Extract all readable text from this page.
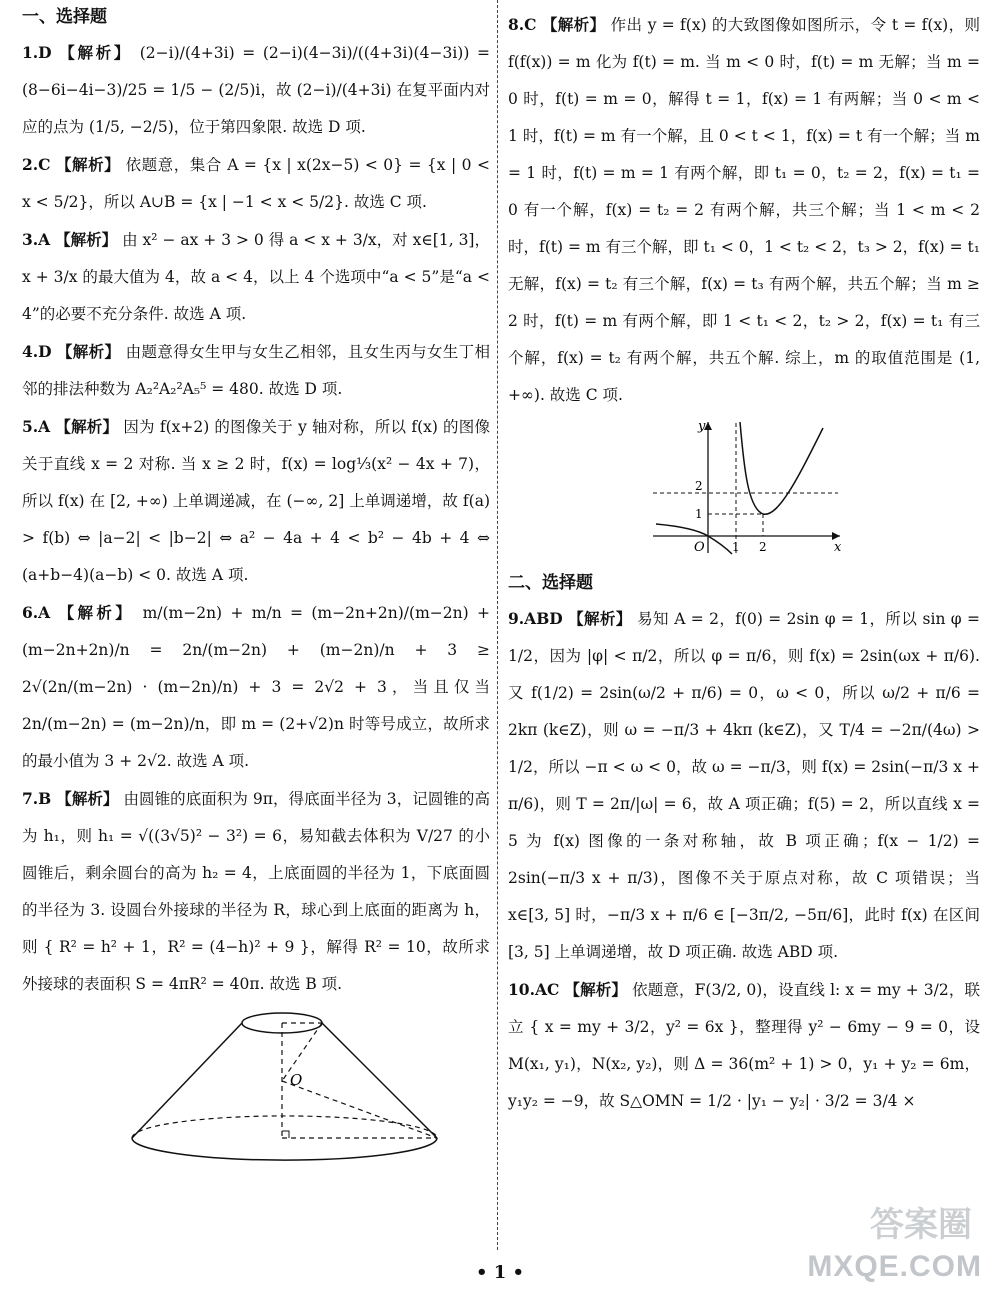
一、选择题

1.D 【解析】 (2−i)/(4+3i) = (2−i)(4−3i)/((4+3i)(4−3i)) = (8−6i−4i−3)/25 = 1/5 − (2/5)i，故 (2−i)/(4+3i) 在复平面内对应的点为 (1/5, −2/5)，位于第四象限. 故选 D 项.

2.C 【解析】 依题意，集合 A = {x | x(2x−5) < 0} = {x | 0 < x < 5/2}，所以 A∪B = {x | −1 < x < 5/2}. 故选 C 项.

3.A 【解析】 由 x² − ax + 3 > 0 得 a < x + 3/x，对 x∈[1, 3]，x + 3/x 的最大值为 4，故 a < 4，以上 4 个选项中“a < 5”是“a < 4”的必要不充分条件. 故选 A 项.

4.D 【解析】 由题意得女生甲与女生乙相邻，且女生丙与女生丁相邻的排法种数为 A₂²A₂²A₅⁵ = 480. 故选 D 项.

5.A 【解析】 因为 f(x+2) 的图像关于 y 轴对称，所以 f(x) 的图像关于直线 x = 2 对称. 当 x ≥ 2 时，f(x) = log⅓(x² − 4x + 7)，所以 f(x) 在 [2, +∞) 上单调递减，在 (−∞, 2] 上单调递增，故 f(a) > f(b) ⇔ |a−2| < |b−2| ⇔ a² − 4a + 4 < b² − 4b + 4 ⇔ (a+b−4)(a−b) < 0. 故选 A 项.

6.A 【解析】 m/(m−2n) + m/n = (m−2n+2n)/(m−2n) + (m−2n+2n)/n = 2n/(m−2n) + (m−2n)/n + 3 ≥ 2√(2n/(m−2n) · (m−2n)/n) + 3 = 2√2 + 3，当且仅当 2n/(m−2n) = (m−2n)/n，即 m = (2+√2)n 时等号成立，故所求的最小值为 3 + 2√2. 故选 A 项.

7.B 【解析】 由圆锥的底面积为 9π，得底面半径为 3，记圆锥的高为 h₁，则 h₁ = √((3√5)² − 3²) = 6，易知截去体积为 V/27 的小圆锥后，剩余圆台的高为 h₂ = 4，上底面圆的半径为 1，下底面圆的半径为 3. 设圆台外接球的半径为 R，球心到上底面的距离为 h，则 { R² = h² + 1，R² = (4−h)² + 9 }，解得 R² = 10，故所求外接球的表面积 S = 4πR² = 40π. 故选 B 项.

O

8.C 【解析】 作出 y = f(x) 的大致图像如图所示，令 t = f(x)，则 f(f(x)) = m 化为 f(t) = m. 当 m < 0 时，f(t) = m 无解；当 m = 0 时，f(t) = m = 0，解得 t = 1，f(x) = 1 有两解；当 0 < m < 1 时，f(t) = m 有一个解，且 0 < t < 1，f(x) = t 有一个解；当 m = 1 时，f(t) = m = 1 有两个解，即 t₁ = 0，t₂ = 2，f(x) = t₁ = 0 有一个解，f(x) = t₂ = 2 有两个解，共三个解；当 1 < m < 2 时，f(t) = m 有三个解，即 t₁ < 0，1 < t₂ < 2，t₃ > 2，f(x) = t₁ 无解，f(x) = t₂ 有三个解，f(x) = t₃ 有两个解，共五个解；当 m ≥ 2 时，f(t) = m 有两个解，即 1 < t₁ < 2，t₂ > 2，f(x) = t₁ 有三个解，f(x) = t₂ 有两个解，共五个解. 综上，m 的取值范围是 (1, +∞). 故选 C 项.

y
x
O 1 2
2
1
二、选择题

9.ABD 【解析】 易知 A = 2，f(0) = 2sin φ = 1，所以 sin φ = 1/2，因为 |φ| < π/2，所以 φ = π/6，则 f(x) = 2sin(ωx + π/6). 又 f(1/2) = 2sin(ω/2 + π/6) = 0，ω < 0，所以 ω/2 + π/6 = 2kπ (k∈Z)，则 ω = −π/3 + 4kπ (k∈Z)，又 T/4 = −2π/(4ω) > 1/2，所以 −π < ω < 0，故 ω = −π/3，则 f(x) = 2sin(−π/3 x + π/6)，则 T = 2π/|ω| = 6，故 A 项正确；f(5) = 2，所以直线 x = 5 为 f(x) 图像的一条对称轴，故 B 项正确；f(x − 1/2) = 2sin(−π/3 x + π/3)，图像不关于原点对称，故 C 项错误；当 x∈[3, 5] 时，−π/3 x + π/6 ∈ [−3π/2, −5π/6]，此时 f(x) 在区间 [3, 5] 上单调递增，故 D 项正确. 故选 ABD 项.

10.AC 【解析】 依题意，F(3/2, 0)，设直线 l: x = my + 3/2，联立 { x = my + 3/2，y² = 6x }，整理得 y² − 6my − 9 = 0，设 M(x₁, y₁)，N(x₂, y₂)，则 Δ = 36(m² + 1) > 0，y₁ + y₂ = 6m，y₁y₂ = −9，故 S△OMN = 1/2 · |y₁ − y₂| · 3/2 = 3/4 ×

• 1 •
答案圈
MXQE.COM
